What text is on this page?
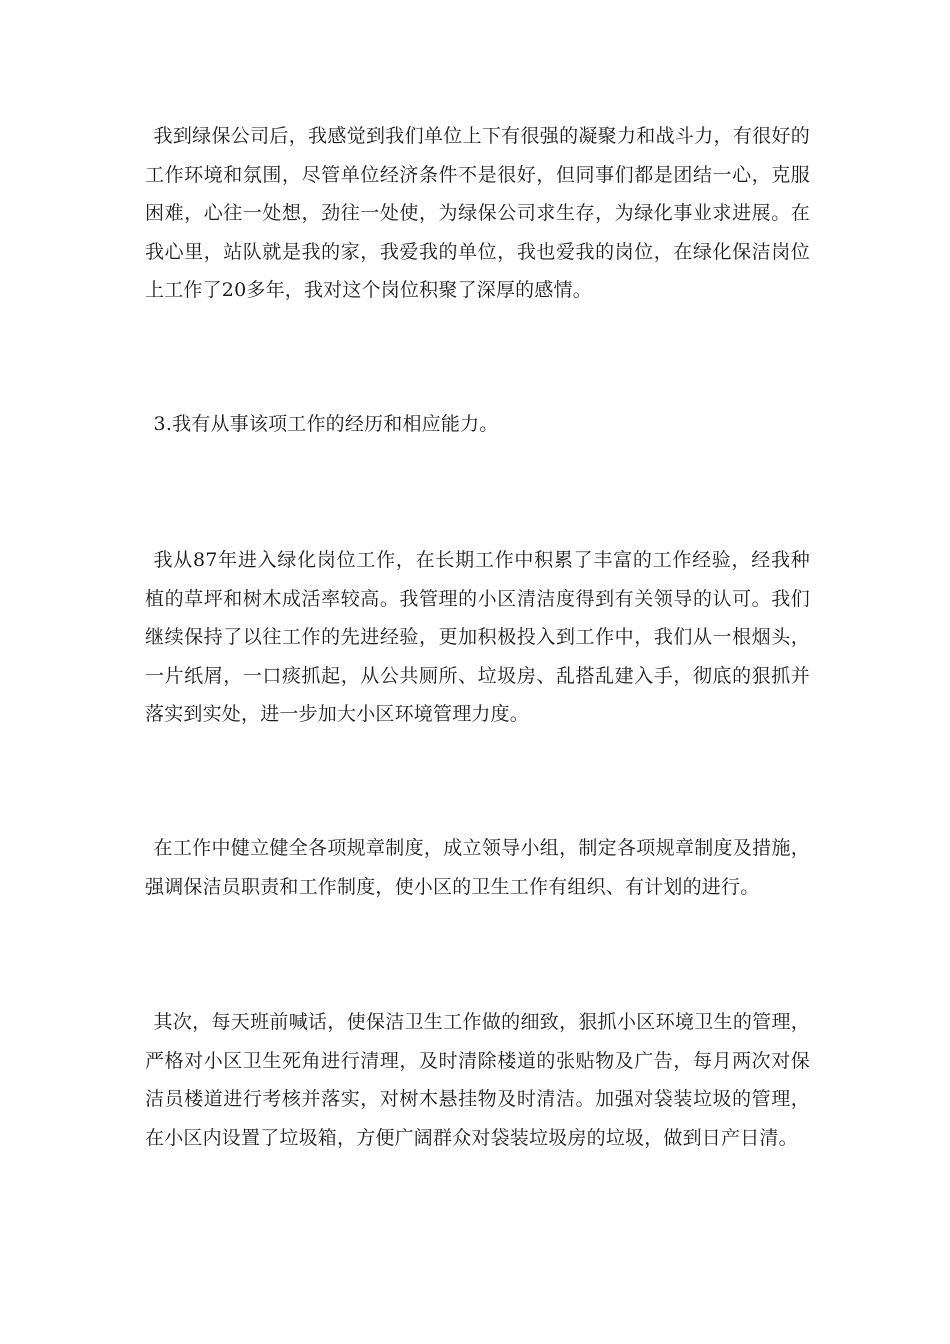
我到绿保公司后，我感觉到我们单位上下有很强的凝聚力和战斗力，有很好的工作环境和氛围，尽管单位经济条件不是很好，但同事们都是团结一心，克服困难，心往一处想，劲往一处使，为绿保公司求生存，为绿化事业求进展。在我心里，站队就是我的家，我爱我的单位，我也爱我的岗位，在绿化保洁岗位上工作了20多年，我对这个岗位积聚了深厚的感情。

3.我有从事该项工作的经历和相应能力。

我从87年进入绿化岗位工作，在长期工作中积累了丰富的工作经验，经我种植的草坪和树木成活率较高。我管理的小区清洁度得到有关领导的认可。我们继续保持了以往工作的先进经验，更加积极投入到工作中，我们从一根烟头，一片纸屑，一口痰抓起，从公共厕所、垃圾房、乱搭乱建入手，彻底的狠抓并落实到实处，进一步加大小区环境管理力度。

在工作中健立健全各项规章制度，成立领导小组，制定各项规章制度及措施，强调保洁员职责和工作制度，使小区的卫生工作有组织、有计划的进行。

其次，每天班前喊话，使保洁卫生工作做的细致，狠抓小区环境卫生的管理，严格对小区卫生死角进行清理，及时清除楼道的张贴物及广告，每月两次对保洁员楼道进行考核并落实，对树木悬挂物及时清洁。加强对袋装垃圾的管理，在小区内设置了垃圾箱，方便广阔群众对袋装垃圾房的垃圾，做到日产日清。
